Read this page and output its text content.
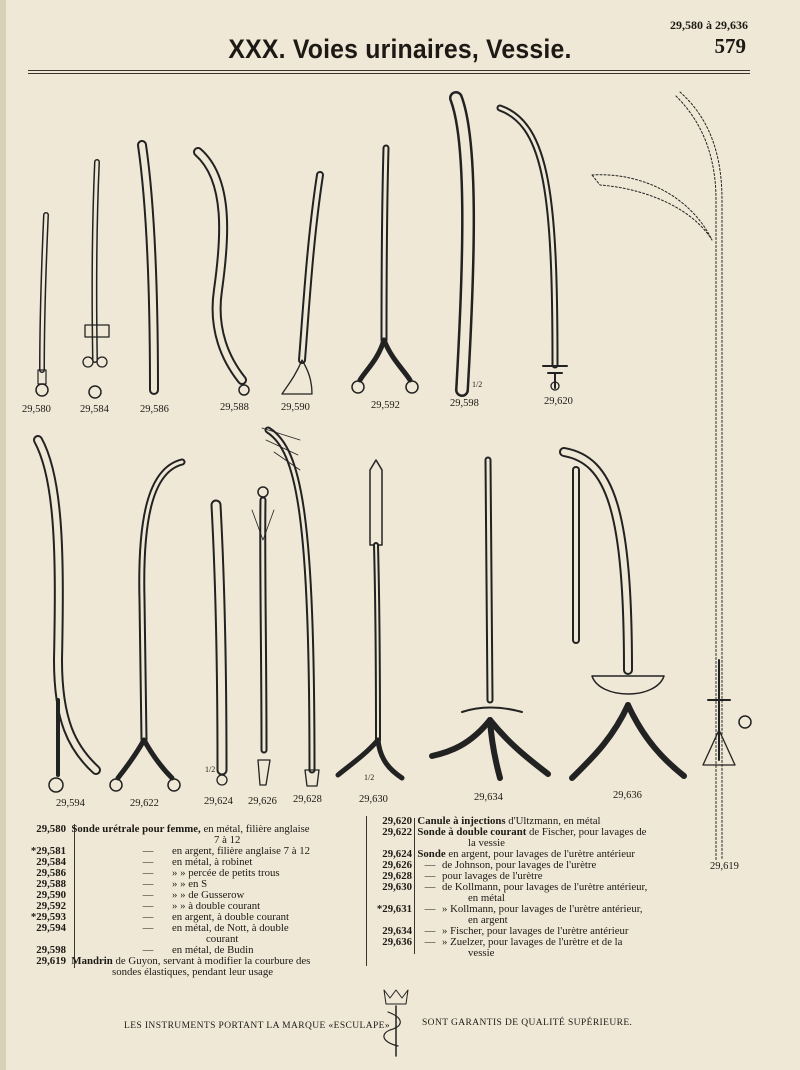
29,580 à 29,636
XXX. Voies urinaires, Vessie.	579
29,580	29,584	29,586	29,588	29,590	29,592	29,598	29,620
29,594	29,622	29,624 29,626 29,628	29,630	29,634	29,636
29,619
1/2
1/2
1/2
29,580 Sonde urétrale pour femme, en métal, filière anglaise
7 à 12
*29,581	— en argent, filière anglaise 7 à 12
29,584	— en métal, à robinet
29,586	— » » percée de petits trous
29,588	— » » en S
29,590	— » » de Gusserow
29,592	— » » à double courant
*29,593	— en argent, à double courant
29,594	— en métal, de Nott, à double
courant
29,598	— en métal, de Budin
29,619 Mandrin de Guyon, servant à modifier la courbure des
sondes élastiques, pendant leur usage
29,620 Canule à injections d'Ultzmann, en métal
29,622 Sonde à double courant de Fischer, pour lavages de
la vessie
29,624 Sonde en argent, pour lavages de l'urètre antérieur
29,626 — de Johnson, pour lavages de l'urètre
29,628 — pour lavages de l'urètre
29,630 — de Kollmann, pour lavages de l'urètre antérieur,
en métal
*29,631 — » Kollmann, pour lavages de l'urètre antérieur,
en argent
29,634 — » Fischer, pour lavages de l'urètre antérieur
29,636 — » Zuelzer, pour lavages de l'urètre et de la
vessie
LES INSTRUMENTS PORTANT LA MARQUE «ESCULAPE»	SONT GARANTIS DE QUALITÉ SUPÉRIEURE.
